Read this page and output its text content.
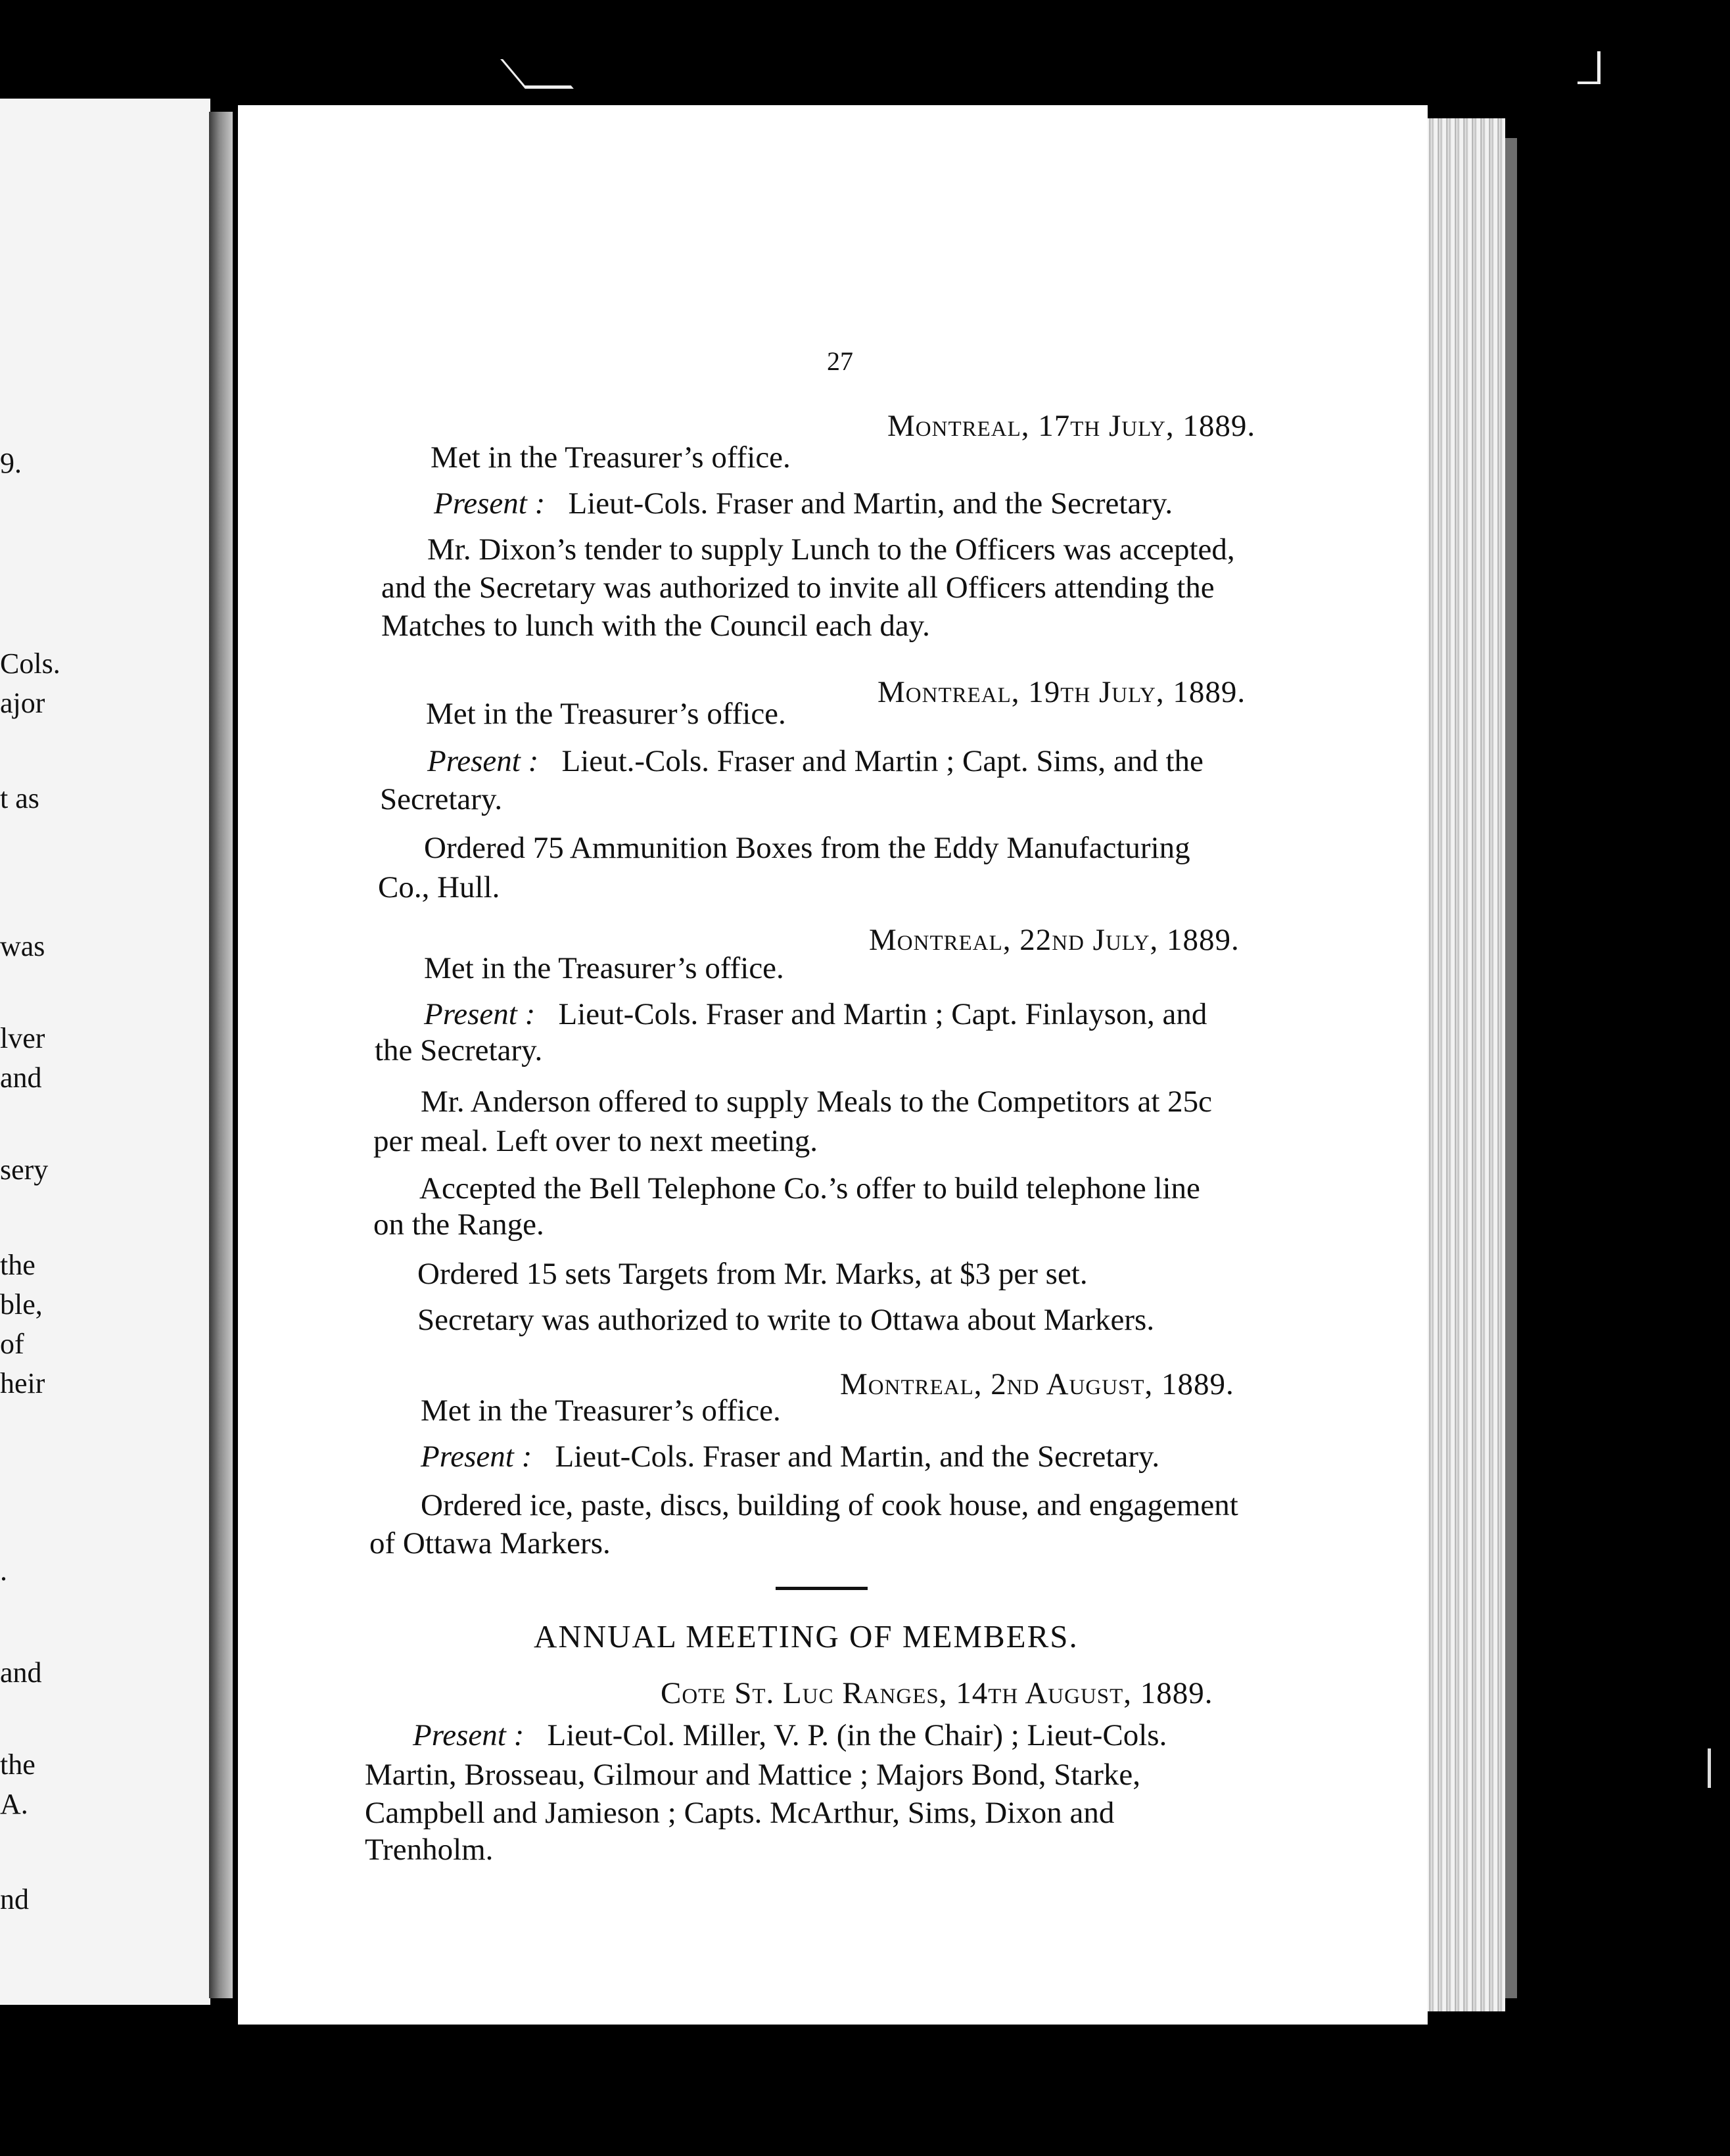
9.
Cols.
ajor
t as
was
lver
and
sery
the
ble,
of
heir
.
and
the
A.
nd
27
Montreal, 17th July, 1889.
Met in the Treasurer’s office.
Present : Lieut-Cols. Fraser and Martin, and the Secretary.
Mr. Dixon’s tender to supply Lunch to the Officers was accepted,
and the Secretary was authorized to invite all Officers attending the
Matches to lunch with the Council each day.
Montreal, 19th July, 1889.
Met in the Treasurer’s office.
Present : Lieut.-Cols. Fraser and Martin ; Capt. Sims, and the
Secretary.
Ordered 75 Ammunition Boxes from the Eddy Manufacturing
Co., Hull.
Montreal, 22nd July, 1889.
Met in the Treasurer’s office.
Present : Lieut-Cols. Fraser and Martin ; Capt. Finlayson, and
the Secretary.
Mr. Anderson offered to supply Meals to the Competitors at 25c
per meal. Left over to next meeting.
Accepted the Bell Telephone Co.’s offer to build telephone line
on the Range.
Ordered 15 sets Targets from Mr. Marks, at $3 per set.
Secretary was authorized to write to Ottawa about Markers.
Montreal, 2nd August, 1889.
Met in the Treasurer’s office.
Present : Lieut-Cols. Fraser and Martin, and the Secretary.
Ordered ice, paste, discs, building of cook house, and engagement
of Ottawa Markers.
ANNUAL MEETING OF MEMBERS.
Cote St. Luc Ranges, 14th August, 1889.
Present : Lieut-Col. Miller, V. P. (in the Chair) ; Lieut-Cols.
Martin, Brosseau, Gilmour and Mattice ; Majors Bond, Starke,
Campbell and Jamieson ; Capts. McArthur, Sims, Dixon and
Trenholm.
